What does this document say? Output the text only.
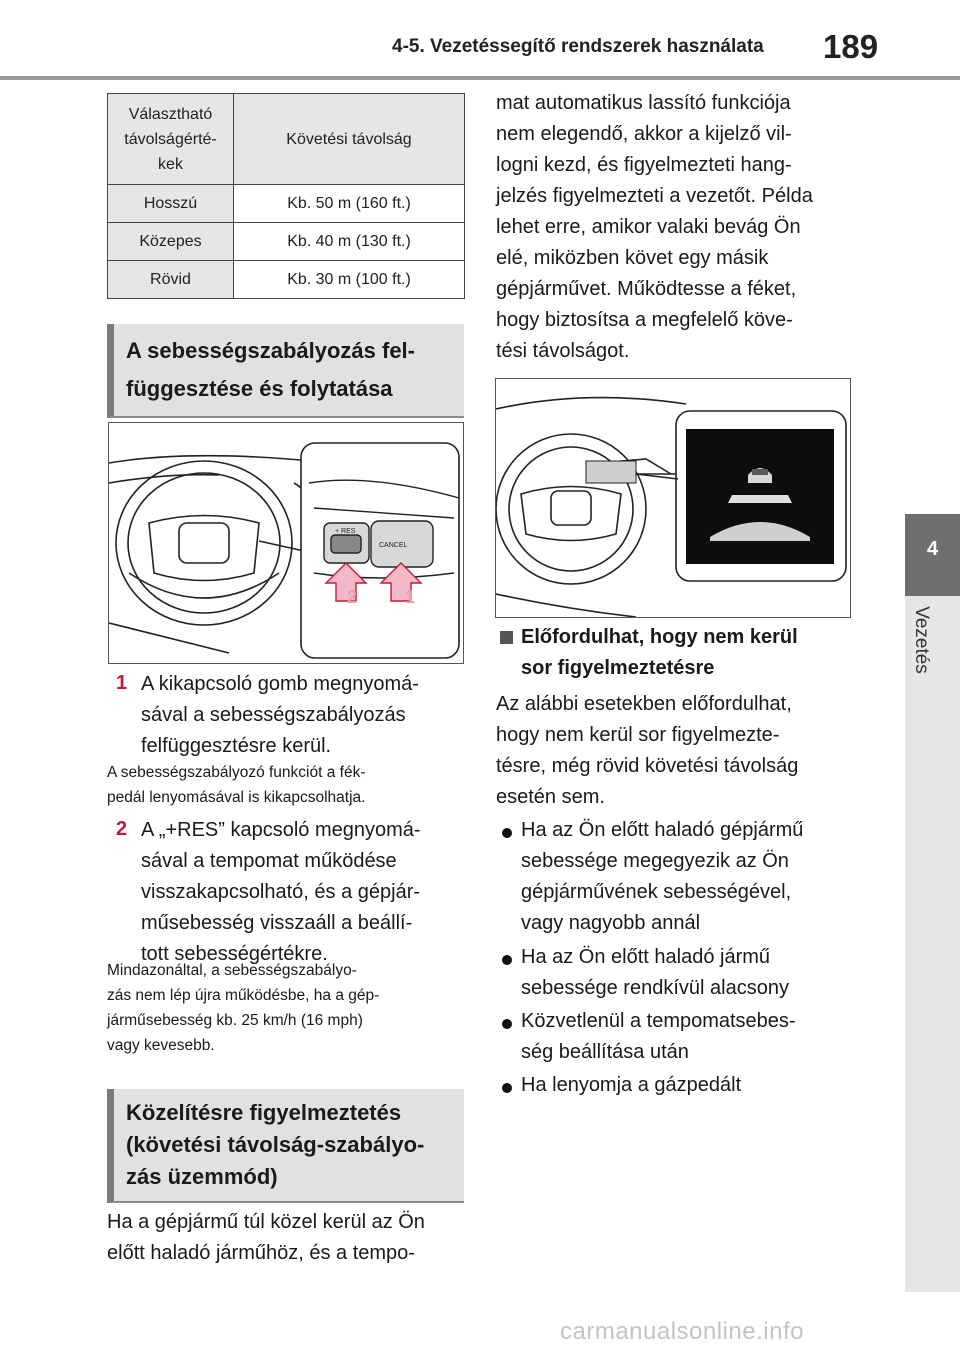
4-5. Vezetéssegítő rendszerek használata 189
4
Vezetés
Választható
távolságérté-
kek	Követési távolság
Hosszú	Kb. 50 m (160 ft.)
Közepes	Kb. 40 m (130 ft.)
Rövid	Kb. 30 m (100 ft.)
A sebességszabályozás fel-
függesztése és folytatása
+ RES
CANCEL
2	1
1 A kikapcsoló gomb megnyomá-
sával a sebességszabályozás
felfüggesztésre kerül.
A sebességszabályozó funkciót a fék-
pedál lenyomásával is kikapcsolhatja.
2 A „+RES” kapcsoló megnyomá-
sával a tempomat működése
visszakapcsolható, és a gépjár-
műsebesség visszaáll a beállí-
tott sebességértékre.
Mindazonáltal, a sebességszabályo-
zás nem lép újra működésbe, ha a gép-
járműsebesség kb. 25 km/h (16 mph)
vagy kevesebb.
Közelítésre figyelmeztetés
(követési távolság-szabályo-
zás üzemmód)
Ha a gépjármű túl közel kerül az Ön
előtt haladó járműhöz, és a tempo-
mat automatikus lassító funkciója
nem elegendő, akkor a kijelző vil-
logni kezd, és figyelmezteti hang-
jelzés figyelmezteti a vezetőt. Példa
lehet erre, amikor valaki bevág Ön
elé, miközben követ egy másik
gépjárművet. Működtesse a féket,
hogy biztosítsa a megfelelő köve-
tési távolságot.
Előfordulhat, hogy nem kerül
sor figyelmeztetésre
Az alábbi esetekben előfordulhat,
hogy nem kerül sor figyelmezte-
tésre, még rövid követési távolság
esetén sem.
Ha az Ön előtt haladó gépjármű
sebessége megegyezik az Ön
gépjárművének sebességével,
vagy nagyobb annál
Ha az Ön előtt haladó jármű
sebessége rendkívül alacsony
Közvetlenül a tempomatsebes-
ség beállítása után
Ha lenyomja a gázpedált
carmanualsonline.info
